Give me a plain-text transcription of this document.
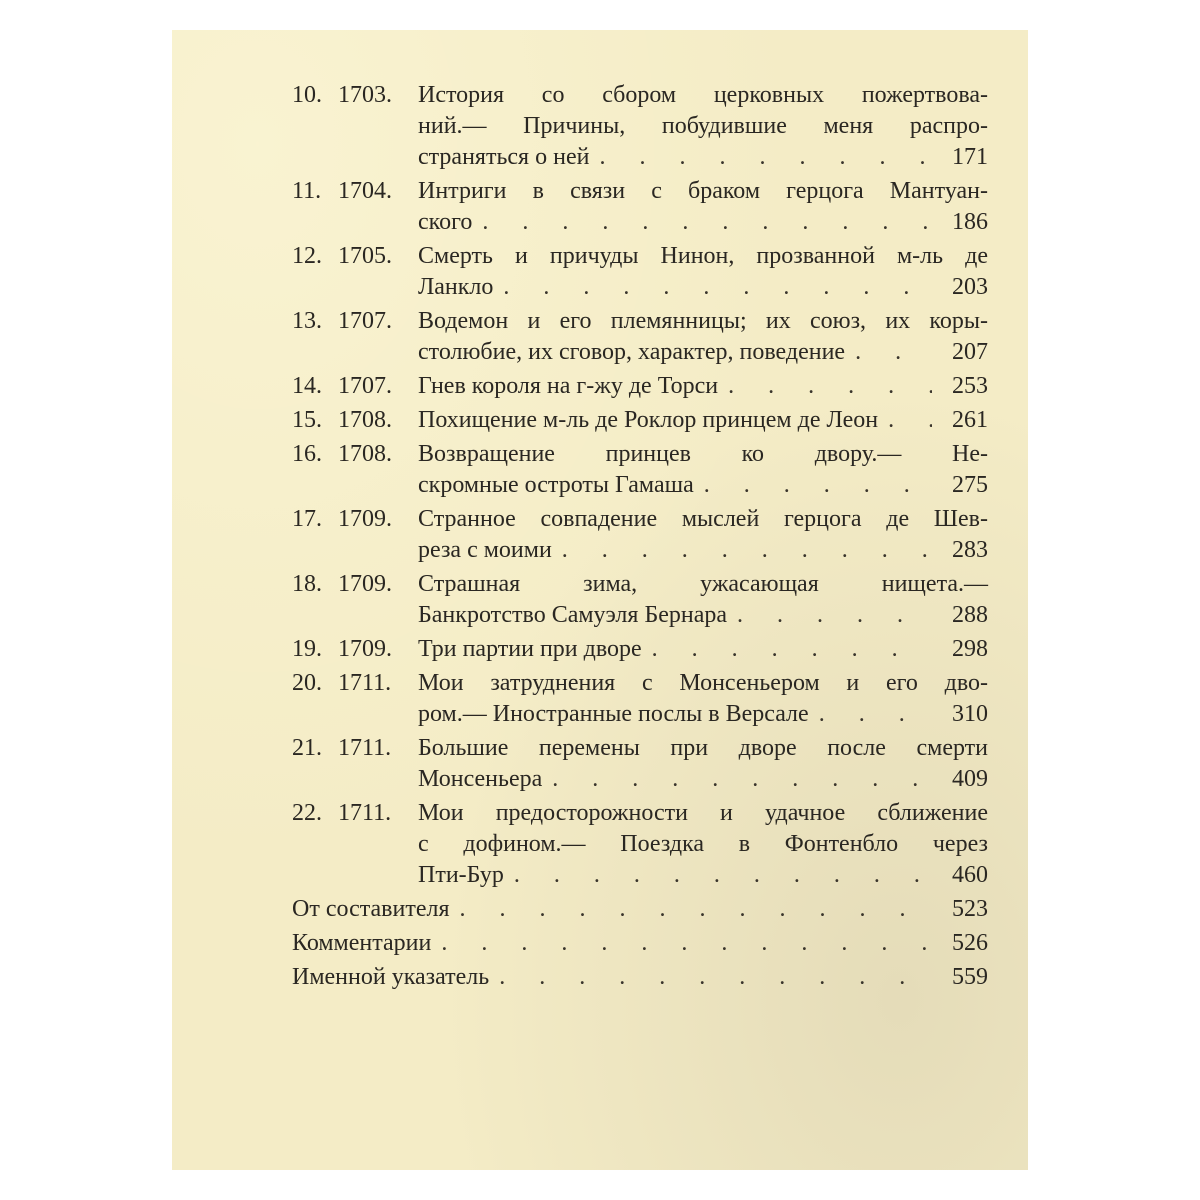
10. 1703.	История со сбором церковных пожертвова-
ний.— Причины, побудившие меня распро-
страняться о ней . . .	171
11. 1704.	Интриги в связи с браком герцога Мантуан-
ского . . .	186
12. 1705.	Смерть и причуды Нинон, прозванной м-ль де
Ланкло . . .	203
13. 1707.	Водемон и его племянницы; их союз, их коры-
столюбие, их сговор, характер, поведение . . .	207
14. 1707.	Гнев короля на г-жу де Торси . . .	253
15. 1708.	Похищение м-ль де Роклор принцем де Леон . . .	261
16. 1708.	Возвращение принцев ко двору.— Не-
скромные остроты Гамаша . . .	275
17. 1709.	Странное совпадение мыслей герцога де Шев-
реза с моими . . .	283
18. 1709.	Страшная зима, ужасающая нищета.—
Банкротство Самуэля Бернара . . .	288
19. 1709.	Три партии при дворе . . .	298
20. 1711.	Мои затруднения с Монсеньером и его дво-
ром.— Иностранные послы в Версале . . .	310
21. 1711.	Большие перемены при дворе после смерти
Монсеньера . . .	409
22. 1711.	Мои предосторожности и удачное сближение
с дофином.— Поездка в Фонтенбло через
Пти-Бур . . .	460
От составителя . . .	523
Комментарии . . .	526
Именной указатель . . .	559
